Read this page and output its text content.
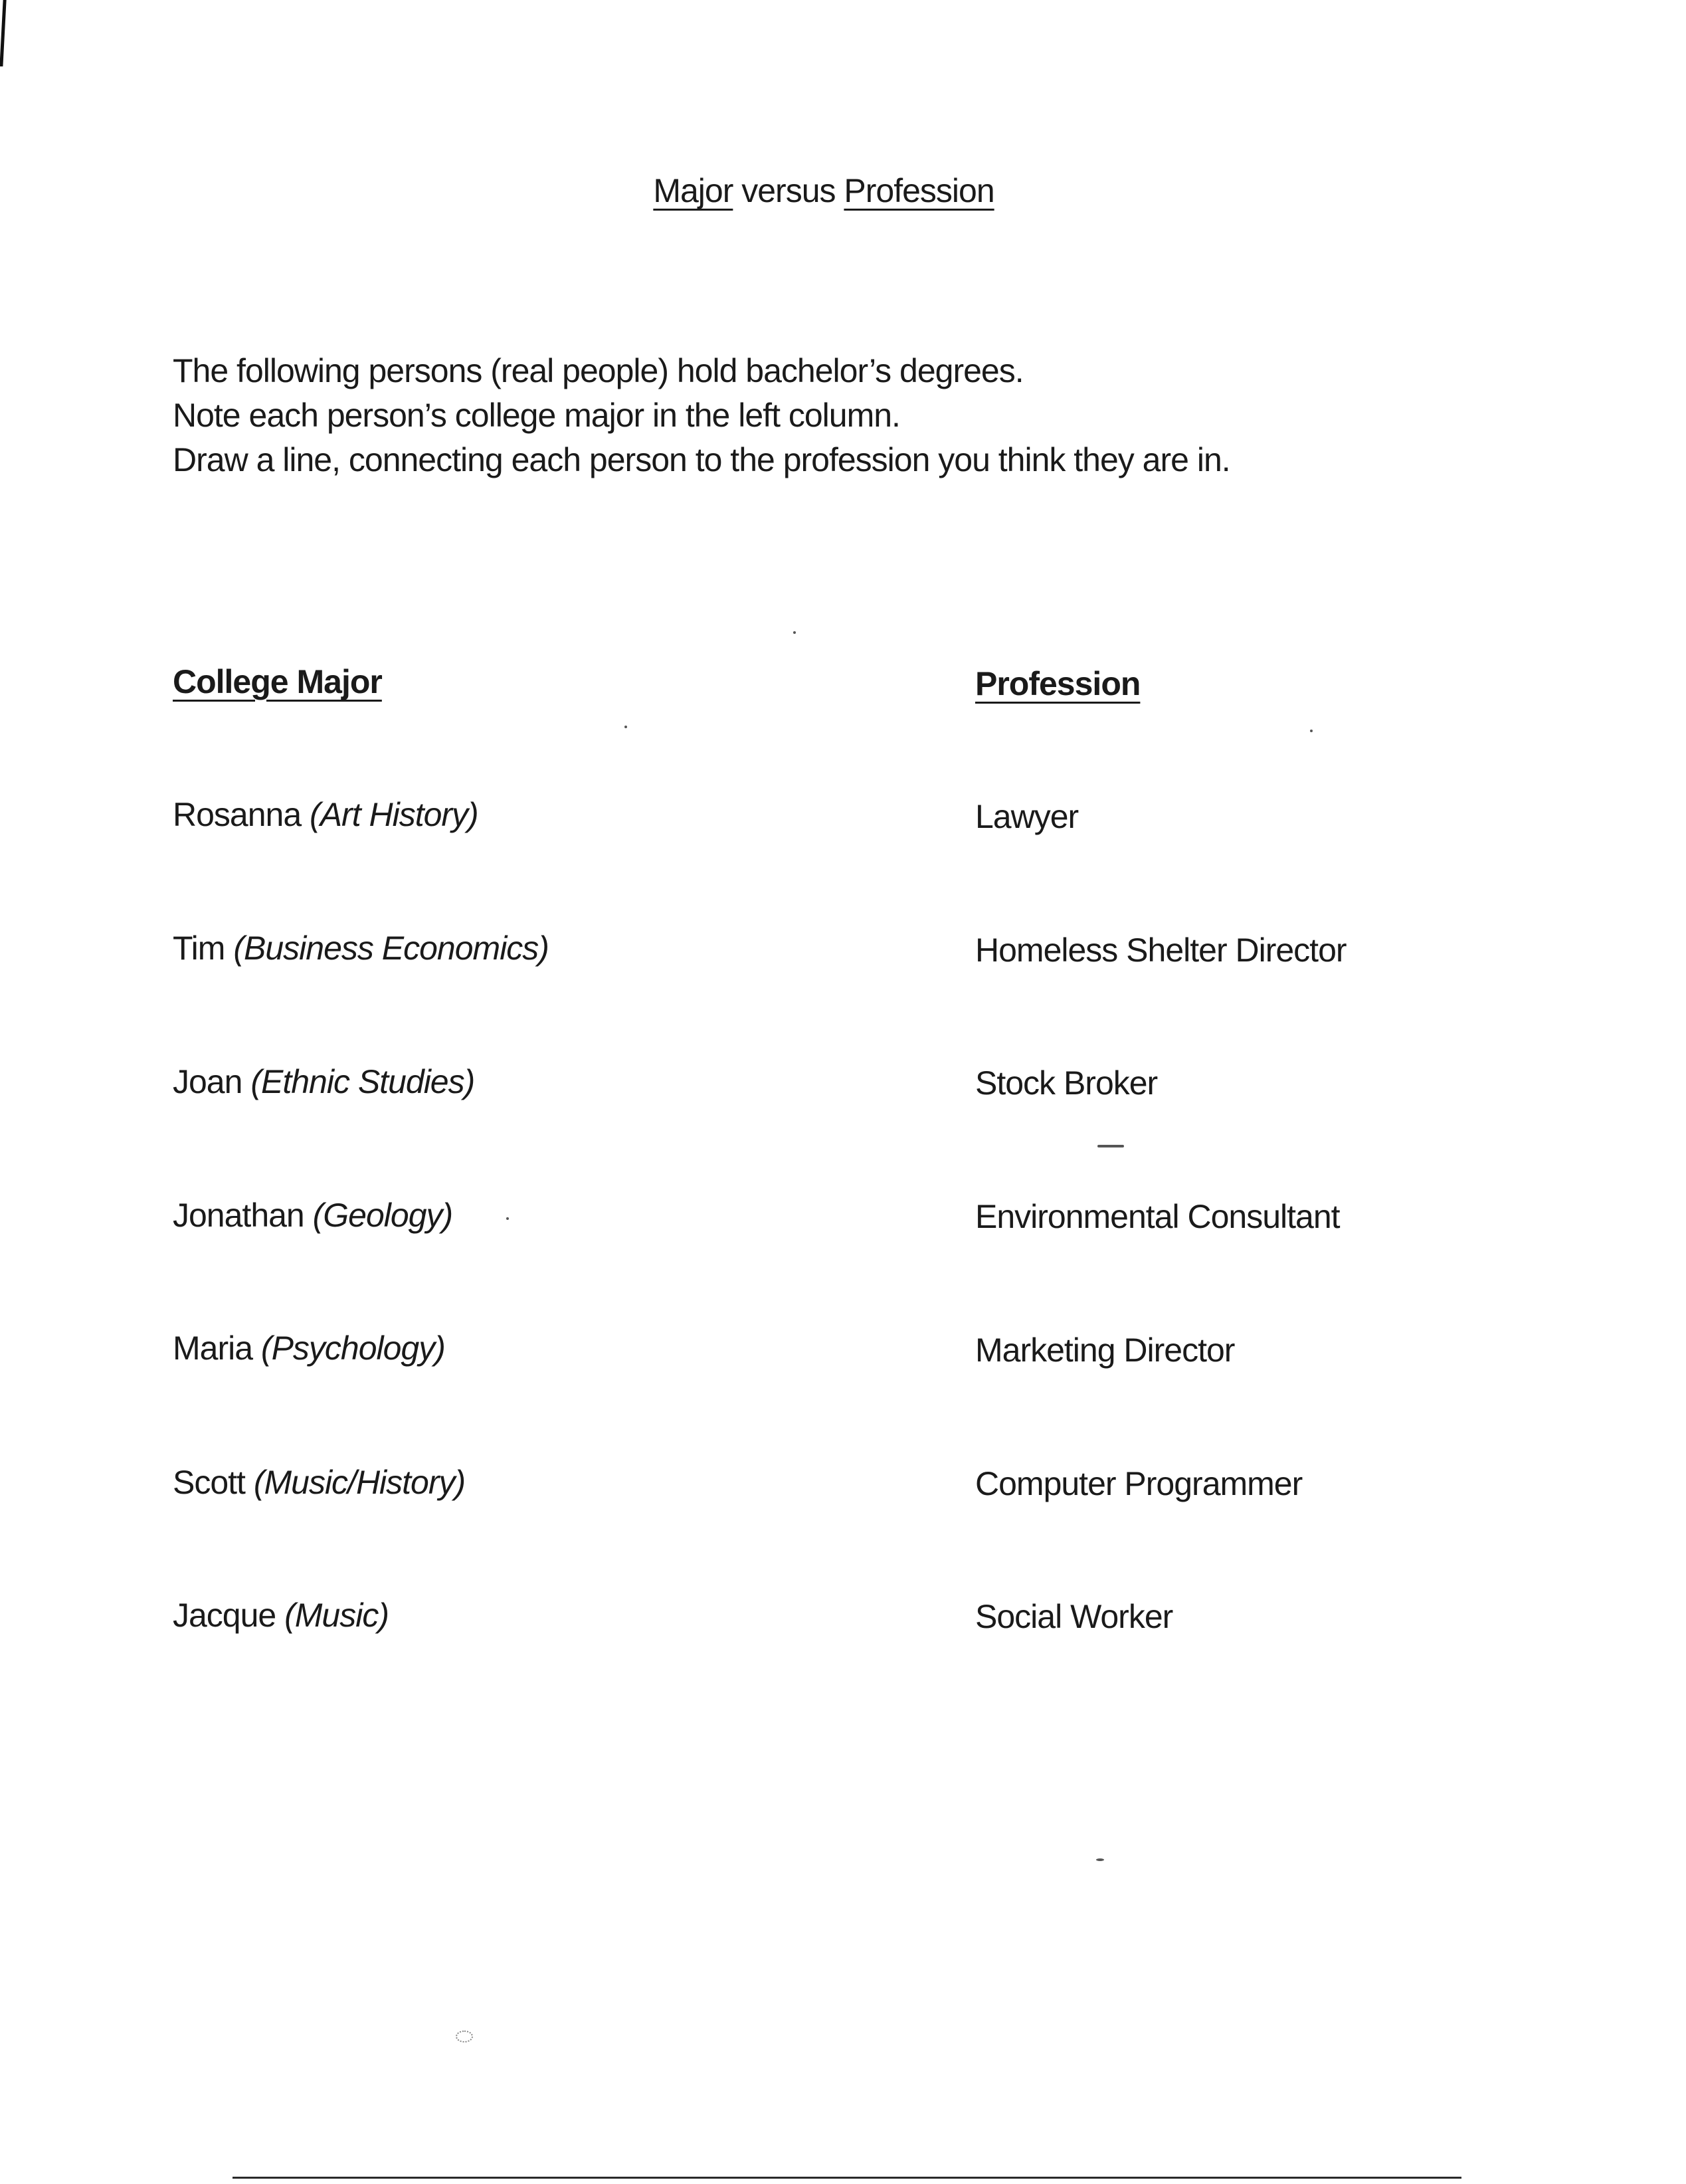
Major versus Profession
The following persons (real people) hold bachelor’s degrees.
Note each person’s college major in the left column.
Draw a line, connecting each person to the profession you think they are in.
College Major	Profession
Rosanna (Art History)
Tim (Business Economics)
Joan (Ethnic Studies)
Jonathan (Geology)
Maria (Psychology)
Scott (Music/History)
Jacque (Music)
Lawyer
Homeless Shelter Director
Stock Broker
Environmental Consultant
Marketing Director
Computer Programmer
Social Worker
